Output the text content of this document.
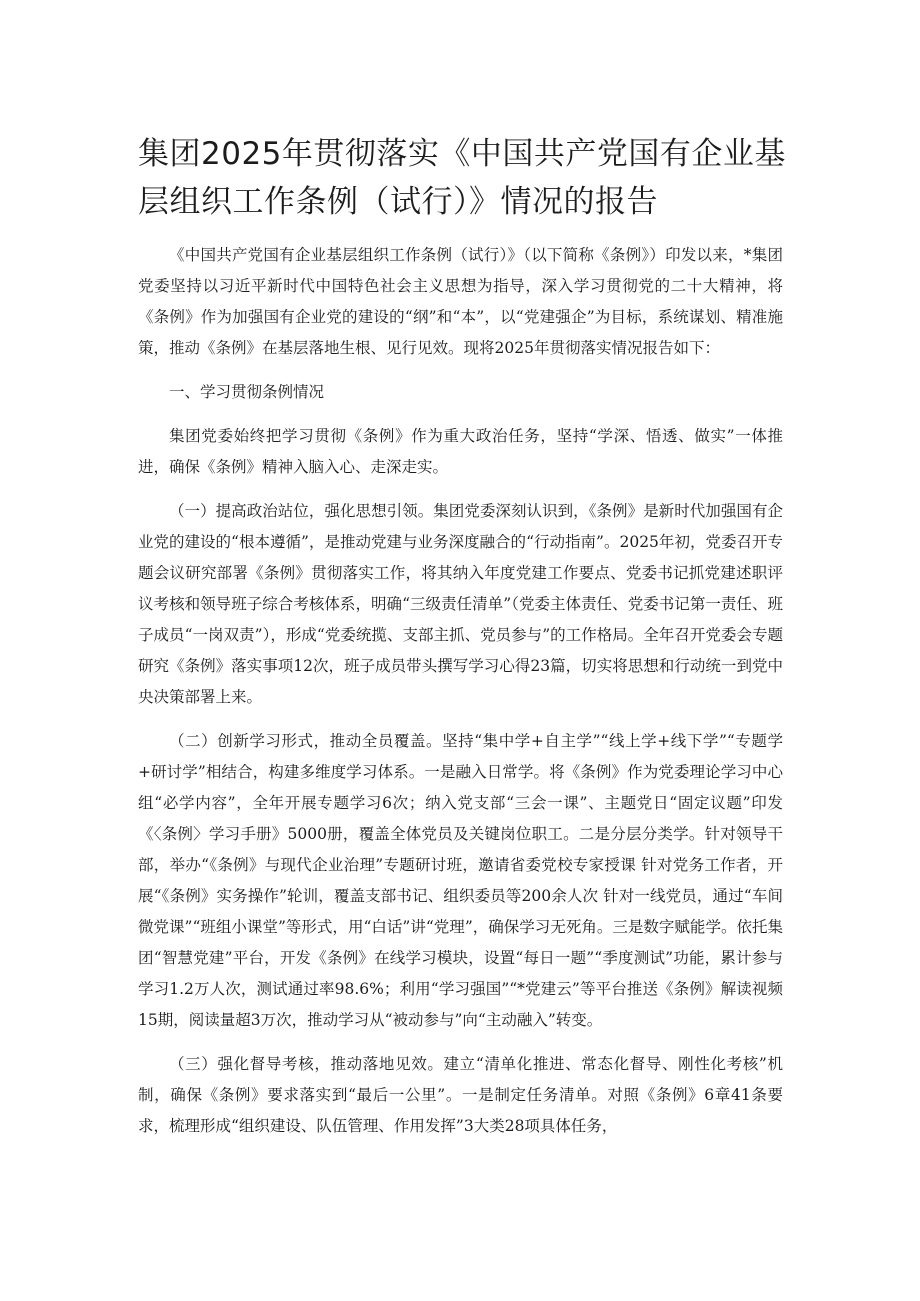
集团2025年贯彻落实《中国共产党国有企业基层组织工作条例（试行）》情况的报告

《中国共产党国有企业基层组织工作条例（试行）》（以下简称《条例》）印发以来，*集团党委坚持以习近平新时代中国特色社会主义思想为指导，深入学习贯彻党的二十大精神，将《条例》作为加强国有企业党的建设的“纲”和“本”，以“党建强企”为目标，系统谋划、精准施策，推动《条例》在基层落地生根、见行见效。现将2025年贯彻落实情况报告如下：

一、学习贯彻条例情况

集团党委始终把学习贯彻《条例》作为重大政治任务，坚持“学深、悟透、做实”一体推进，确保《条例》精神入脑入心、走深走实。

（一）提高政治站位，强化思想引领。集团党委深刻认识到，《条例》是新时代加强国有企业党的建设的“根本遵循”，是推动党建与业务深度融合的“行动指南”。2025年初，党委召开专题会议研究部署《条例》贯彻落实工作，将其纳入年度党建工作要点、党委书记抓党建述职评议考核和领导班子综合考核体系，明确“三级责任清单”（党委主体责任、党委书记第一责任、班子成员“一岗双责”），形成“党委统揽、支部主抓、党员参与”的工作格局。全年召开党委会专题研究《条例》落实事项12次，班子成员带头撰写学习心得23篇，切实将思想和行动统一到党中央决策部署上来。

（二）创新学习形式，推动全员覆盖。坚持“集中学+自主学”“线上学+线下学”“专题学+研讨学”相结合，构建多维度学习体系。一是融入日常学。将《条例》作为党委理论学习中心组“必学内容”，全年开展专题学习6次；纳入党支部“三会一课”、主题党日“固定议题”印发《〈条例〉学习手册》5000册，覆盖全体党员及关键岗位职工。二是分层分类学。针对领导干部，举办“《条例》与现代企业治理”专题研讨班，邀请省委党校专家授课 针对党务工作者，开展“《条例》实务操作”轮训，覆盖支部书记、组织委员等200余人次 针对一线党员，通过“车间微党课”“班组小课堂”等形式，用“白话”讲“党理”，确保学习无死角。三是数字赋能学。依托集团“智慧党建”平台，开发《条例》在线学习模块，设置“每日一题”“季度测试”功能，累计参与学习1.2万人次，测试通过率98.6%；利用“学习强国”“*党建云”等平台推送《条例》解读视频15期，阅读量超3万次，推动学习从“被动参与”向“主动融入”转变。

（三）强化督导考核，推动落地见效。建立“清单化推进、常态化督导、刚性化考核”机制，确保《条例》要求落实到“最后一公里”。一是制定任务清单。对照《条例》6章41条要求，梳理形成“组织建设、队伍管理、作用发挥”3大类28项具体任务，
